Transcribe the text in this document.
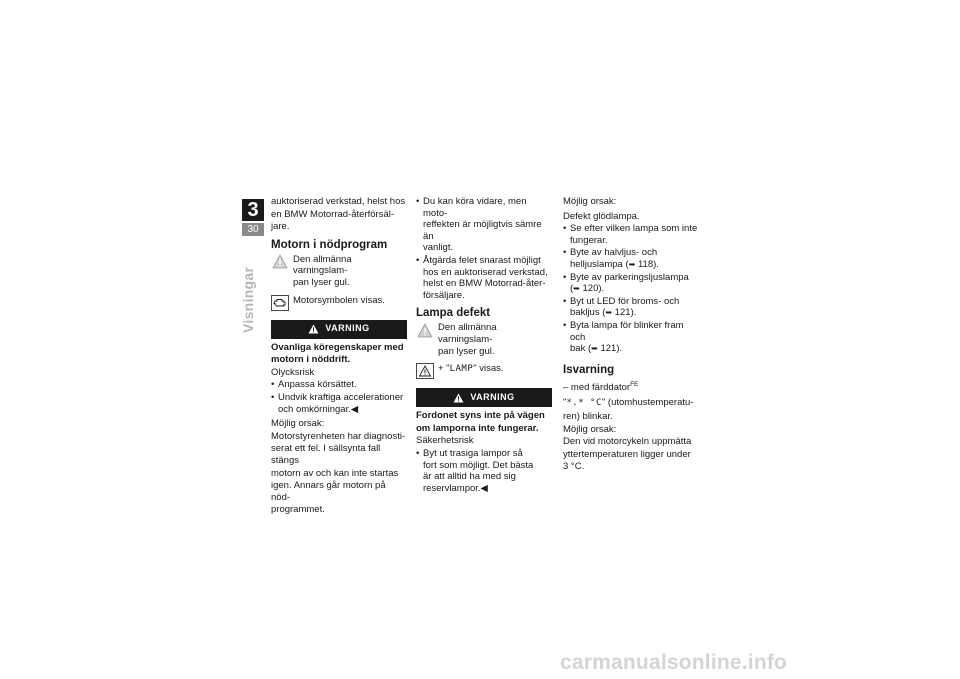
3
30
Visningar

auktoriserad verkstad, helst hos

en BMW Motorrad-återförsäl-

jare.

Motorn i nödprogram
Den allmänna varningslam-
pan lyser gul.
Motorsymbolen visas.
VARNING

Ovanliga köregenskaper med

motorn i nöddrift.

Olycksrisk

• Anpassa körsättet.
• Undvik kraftiga accelerationer
och omkörningar.◀

Möjlig orsak:

Motorstyrenheten har diagnosti-

serat ett fel. I sällsynta fall stängs

motorn av och kan inte startas

igen. Annars går motorn på nöd-

programmet.

• Du kan köra vidare, men moto-
reffekten är möjligtvis sämre än
vanligt.
• Åtgärda felet snarast möjligt
hos en auktoriserad verkstad,
helst en BMW Motorrad-åter-
försäljare.
Lampa defekt
Den allmänna varningslam-
pan lyser gul.
+ "LAMP" visas.
VARNING

Fordonet syns inte på vägen

om lamporna inte fungerar.

Säkerhetsrisk

• Byt ut trasiga lampor så
fort som möjligt. Det bästa
är att alltid ha med sig
reservlampor.◀

Möjlig orsak:

Defekt glödlampa.

• Se efter vilken lampa som inte
fungerar.
• Byte av halvljus- och
helljuslampa (➥ 118).
• Byte av parkeringsljuslampa
(➥ 120).
• Byt ut LED för broms- och
bakljus (➥ 121).
• Byta lampa för blinker fram och
bak (➥ 121).
Isvarning

– med färddator$^{FE}$

"*.* °C" (utomhustemperatu-

ren) blinkar.

Möjlig orsak:

Den vid motorcykeln uppmätta

yttertemperaturen ligger under

3 °C.

carmanualsonline.info
